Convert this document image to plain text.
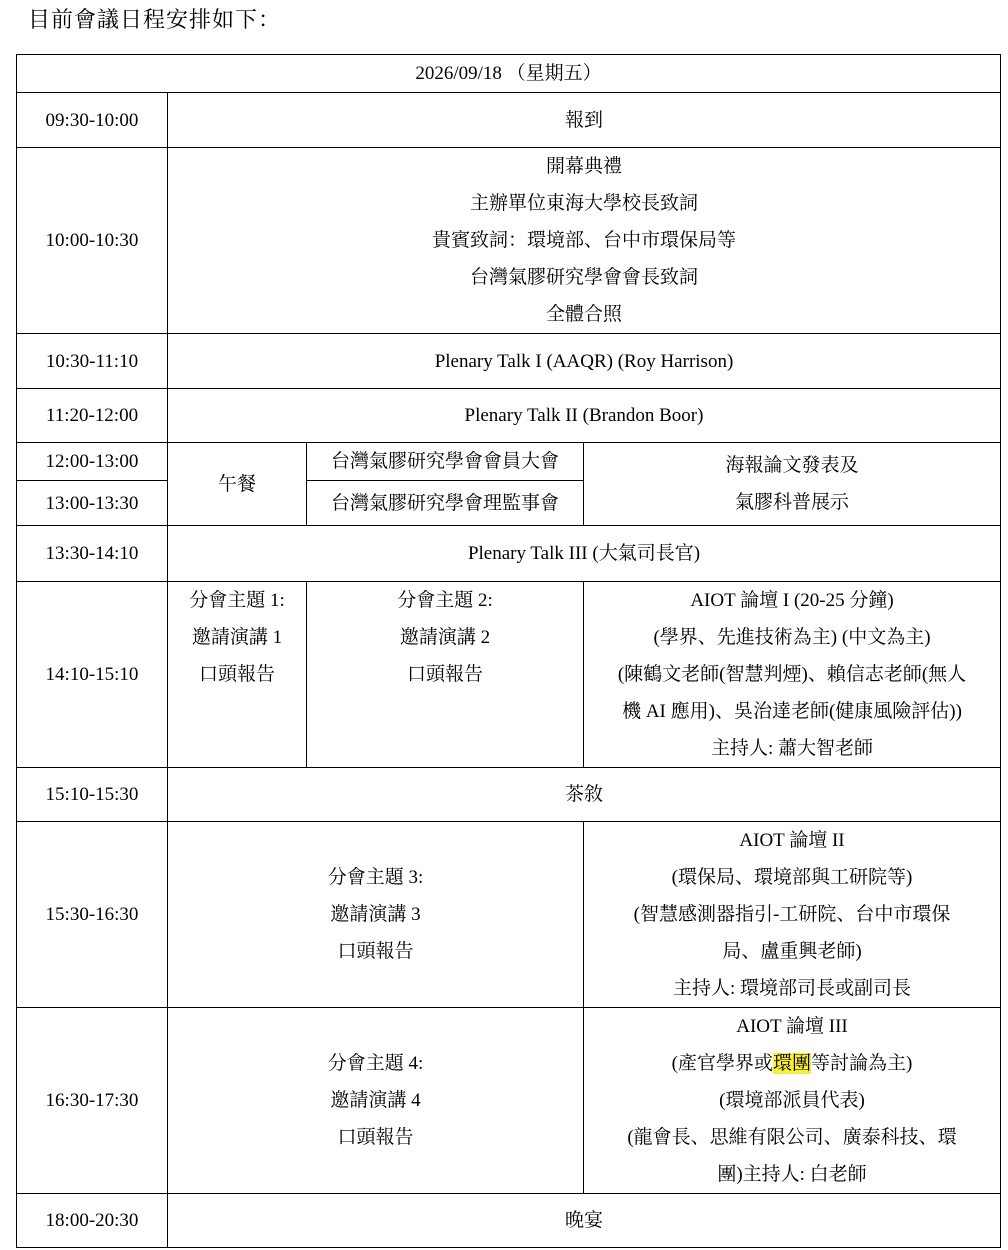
目前會議日程安排如下：
2026/09/18 （星期五）			
09:30-10:00	報到		
10:00-10:30	開幕典禮
主辦單位東海大學校長致詞
貴賓致詞：環境部、台中市環保局等
台灣氣膠研究學會會長致詞
全體合照		

10:30-11:10	Plenary Talk I (AAQR) (Roy Harrison)		
11:20-12:00	Plenary Talk II (Brandon Boor)		
12:00-13:00	午餐	台灣氣膠研究學會會員大會	海報論文發表及
氣膠科普展示

13:00-13:30		台灣氣膠研究學會理監事會	
13:30-14:10	Plenary Talk III (大氣司長官)		
14:10-15:10	分會主題 1:
邀請演講 1
口頭報告	分會主題 2:
邀請演講 2
口頭報告	AIOT 論壇 I (20-25 分鐘)
(學界、先進技術為主) (中文為主)
(陳鶴文老師(智慧判煙)、賴信志老師(無人
機 AI 應用)、吳治達老師(健康風險評估))
主持人: 蕭大智老師

15:10-15:30	茶敘		
15:30-16:30	分會主題 3:
邀請演講 3
口頭報告		AIOT 論壇 II
(環保局、環境部與工研院等)
(智慧感測器指引-工研院、台中市環保
局、盧重興老師)
主持人: 環境部司長或副司長

16:30-17:30	分會主題 4:
邀請演講 4
口頭報告		AIOT 論壇 III
(產官學界或環團等討論為主)
(環境部派員代表)
(龍會長、思維有限公司、廣泰科技、環
團)主持人: 白老師

18:00-20:30	晚宴		
